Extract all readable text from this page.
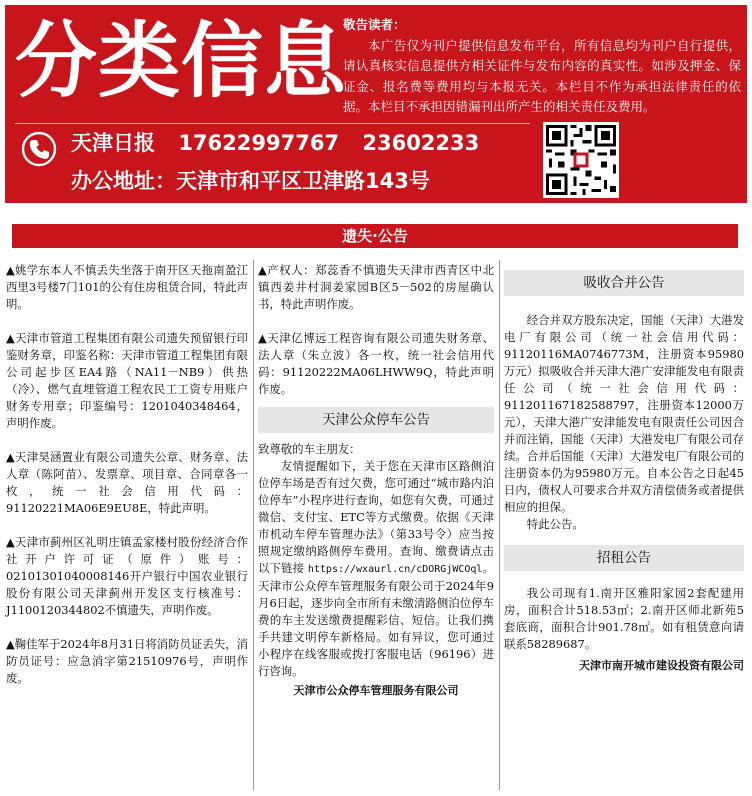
分类信息
敬告读者：
本广告仅为刊户提供信息发布平台，所有信息均为刊户自行提供，请认真核实信息提供方相关证件与发布内容的真实性。如涉及押金、保证金、报名费等费用均与本报无关。本栏目不作为承担法律责任的依据。本栏目不承担因错漏刊出所产生的相关责任及费用。
天津日报 17622997767 23602233
办公地址：天津市和平区卫津路143号
遗失·公告
▲姚学东本人不慎丢失坐落于南开区天拖南盈江西里3号楼7门101的公有住房租赁合同，特此声明。
▲天津市管道工程集团有限公司遗失预留银行印鉴财务章，印鉴名称：天津市管道工程集团有限公司起步区EA4路（NA11－NB9）供热（冷）、燃气直埋管道工程农民工工资专用账户财务专用章；印鉴编号：1201040348464，声明作废。
▲天津昊涵置业有限公司遗失公章、财务章、法人章（陈阿苗）、发票章、项目章、合同章各一枚，统一社会信用代码：91120221MA06E9EU8E，特此声明。
▲天津市蓟州区礼明庄镇孟家楼村股份经济合作社开户许可证（原件）账号：02101301040008146开户银行中国农业银行股份有限公司天津蓟州开发区支行核准号：J1100120344802不慎遗失，声明作废。
▲鞠佳军于2024年8月31日将消防员证丢失，消防员证号：应急消字第21510976号，声明作废。
▲产权人：郑蕊香不慎遗失天津市西青区中北镇西姜井村洞姜家园B区5－502的房屋确认书，特此声明作废。
▲天津亿博远工程咨询有限公司遗失财务章、法人章（朱立波）各一枚，统一社会信用代码：91120222MA06LHWW9Q，特此声明作废。
天津公众停车公告
致尊敬的车主朋友：
友情提醒如下，关于您在天津市区路侧泊位停车场是否有过欠费，您可通过“城市路内泊位停车”小程序进行查询，如您有欠费，可通过微信、支付宝、ETC等方式缴费。依据《天津市机动车停车管理办法》（第33号令）应当按照规定缴纳路侧停车费用。查询、缴费请点击以下链接 https://wxaurl.cn/cDORGjWCOql。天津市公众停车管理服务有限公司于2024年9月6日起，逐步向全市所有未缴清路侧泊位停车费的车主发送缴费提醒彩信、短信。让我们携手共建文明停车新格局。如有异议，您可通过小程序在线客服或拨打客服电话（96196）进行咨询。
天津市公众停车管理服务有限公司
吸收合并公告
经合并双方股东决定，国能（天津）大港发电厂有限公司（统一社会信用代码：91120116MA0746773M，注册资本95980万元）拟吸收合并天津大港广安津能发电有限责任公司（统一社会信用代码：91120116718258879​7，注册资本12000万元），天津大港广安津能发电有限责任公司因合并而注销，国能（天津）大港发电厂有限公司存续。合并后国能（天津）大港发电厂有限公司的注册资本仍为95980万元。自本公告之日起45日内，债权人可要求合并双方清偿债务或者提供相应的担保。
特此公告。
招租公告
我公司现有1.南开区雅阳家园2套配建用房，面积合计518.53㎡；2.南开区师北新苑5套底商，面积合计901.78㎡。如有租赁意向请联系58289687。
天津市南开城市建设投资有限公司
